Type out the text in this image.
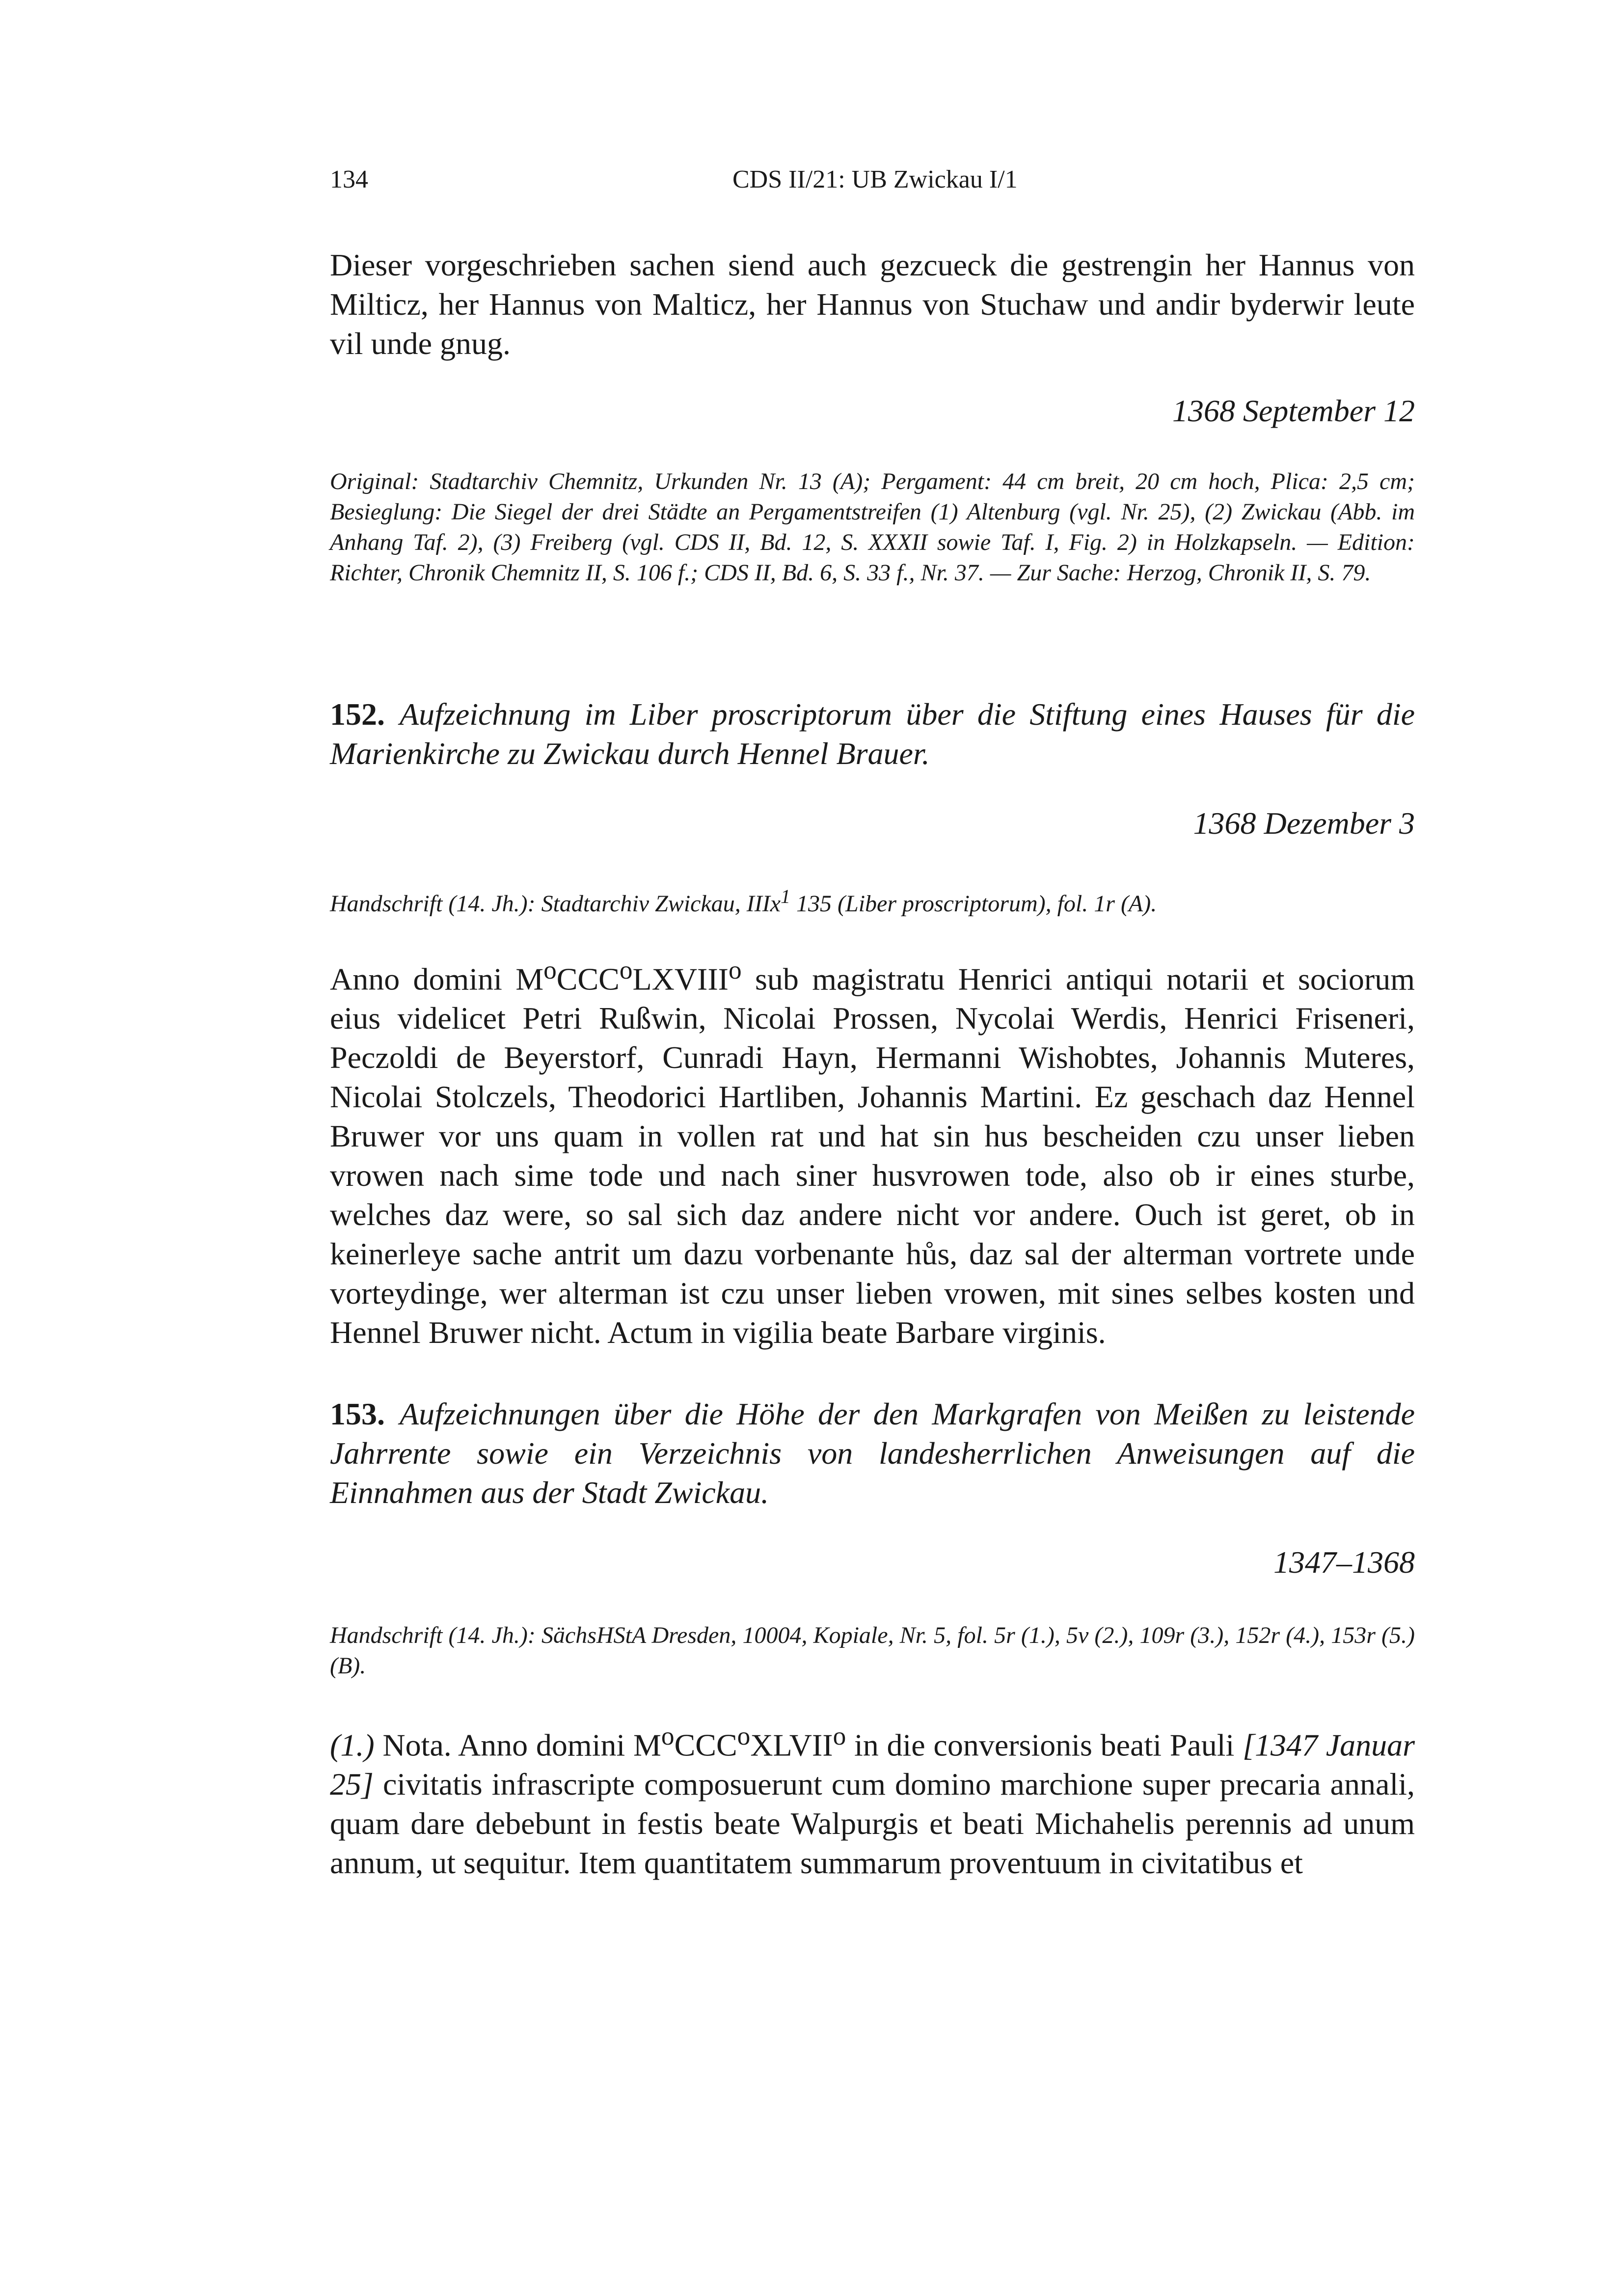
134	CDS II/21: UB Zwickau I/1

Dieser vorgeschrieben sachen siend auch gezcueck die gestrengin her Hannus von Milticz, her Hannus von Malticz, her Hannus von Stuchaw und andir byderwir leute vil unde gnug.

1368 September 12

Original: Stadtarchiv Chemnitz, Urkunden Nr. 13 (A); Pergament: 44 cm breit, 20 cm hoch, Plica: 2,5 cm; Besieglung: Die Siegel der drei Städte an Pergamentstreifen (1) Altenburg (vgl. Nr. 25), (2) Zwickau (Abb. im Anhang Taf. 2), (3) Freiberg (vgl. CDS II, Bd. 12, S. XXXII sowie Taf. I, Fig. 2) in Holzkapseln. — Edition: Richter, Chronik Chemnitz II, S. 106 f.; CDS II, Bd. 6, S. 33 f., Nr. 37. — Zur Sache: Herzog, Chronik II, S. 79.

152. Aufzeichnung im Liber proscriptorum über die Stiftung eines Hauses für die Marienkirche zu Zwickau durch Hennel Brauer.

1368 Dezember 3

Handschrift (14. Jh.): Stadtarchiv Zwickau, IIIx$^1$ 135 (Liber proscriptorum), fol. 1r (A).

Anno domini $M^oCCC^oLXVIII^o$ sub magistratu Henrici antiqui notarii et sociorum eius videlicet Petri Rußwin, Nicolai Prossen, Nycolai Werdis, Henrici Friseneri, Peczoldi de Beyerstorf, Cunradi Hayn, Hermanni Wishobtes, Johannis Muteres, Nicolai Stolczels, Theodorici Hartliben, Johannis Martini. Ez geschach daz Hennel Bruwer vor uns quam in vollen rat und hat sin hus bescheiden czu unser lieben vrowen nach sime tode und nach siner husvrowen tode, also ob ir eines sturbe, welches daz were, so sal sich daz andere nicht vor andere. Ouch ist geret, ob in keinerleye sache antrit um dazu vorbenante hůs, daz sal der alterman vortrete unde vorteydinge, wer alterman ist czu unser lieben vrowen, mit sines selbes kosten und Hennel Bruwer nicht. Actum in vigilia beate Barbare virginis.

153. Aufzeichnungen über die Höhe der den Markgrafen von Meißen zu leistende Jahrrente sowie ein Verzeichnis von landesherrlichen Anweisungen auf die Einnahmen aus der Stadt Zwickau.

1347–1368

Handschrift (14. Jh.): SächsHStA Dresden, 10004, Kopiale, Nr. 5, fol. 5r (1.), 5v (2.), 109r (3.), 152r (4.), 153r (5.) (B).

(1.) Nota. Anno domini $M^oCCC^oXLVII^o$ in die conversionis beati Pauli [1347 Januar 25] civitatis infrascripte composuerunt cum domino marchione super precaria annali, quam dare debebunt in festis beate Walpurgis et beati Michahelis perennis ad unum annum, ut sequitur. Item quantitatem summarum proventuum in civitatibus et
